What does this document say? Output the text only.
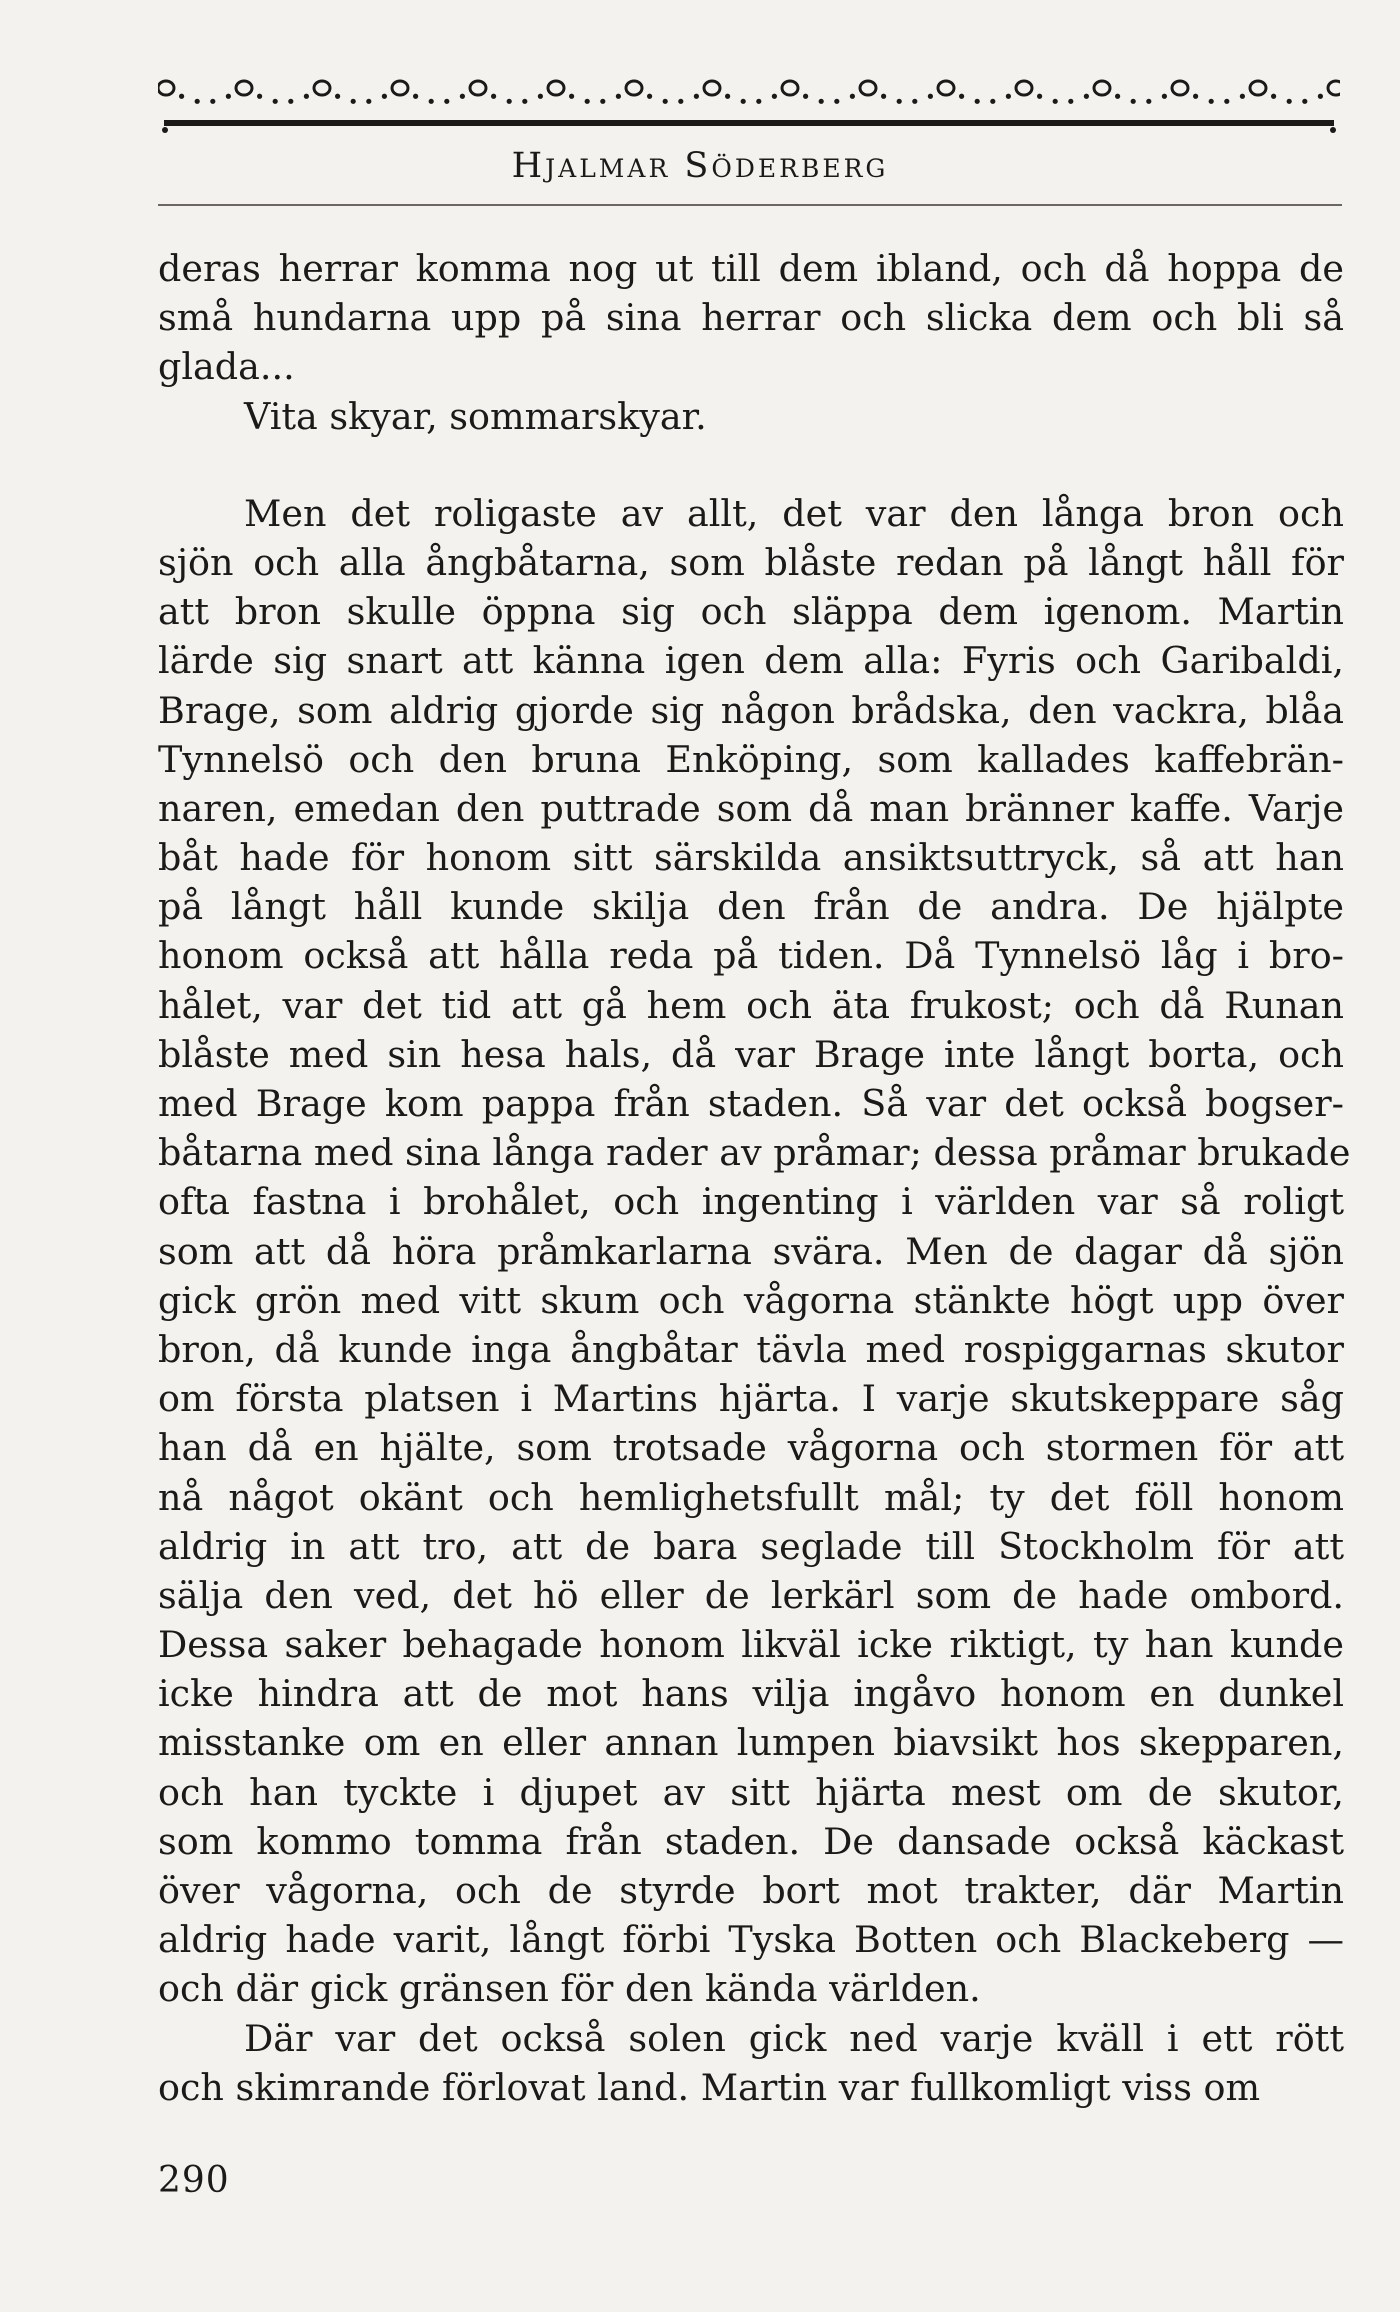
Hjalmar Söderberg

deras herrar komma nog ut till dem ibland, och då hoppa de
små hundarna upp på sina herrar och slicka dem och bli så
glada...

Vita skyar, sommarskyar.

Men det roligaste av allt, det var den långa bron och
sjön och alla ångbåtarna, som blåste redan på långt håll för
att bron skulle öppna sig och släppa dem igenom. Martin
lärde sig snart att känna igen dem alla: Fyris och Garibaldi,
Brage, som aldrig gjorde sig någon brådska, den vackra, blåa
Tynnelsö och den bruna Enköping, som kallades kaffebrän-
naren, emedan den puttrade som då man bränner kaffe. Varje
båt hade för honom sitt särskilda ansiktsuttryck, så att han
på långt håll kunde skilja den från de andra. De hjälpte
honom också att hålla reda på tiden. Då Tynnelsö låg i bro-
hålet, var det tid att gå hem och äta frukost; och då Runan
blåste med sin hesa hals, då var Brage inte långt borta, och
med Brage kom pappa från staden. Så var det också bogser-
båtarna med sina långa rader av pråmar; dessa pråmar brukade
ofta fastna i brohålet, och ingenting i världen var så roligt
som att då höra pråmkarlarna svära. Men de dagar då sjön
gick grön med vitt skum och vågorna stänkte högt upp över
bron, då kunde inga ångbåtar tävla med rospiggarnas skutor
om första platsen i Martins hjärta. I varje skutskeppare såg
han då en hjälte, som trotsade vågorna och stormen för att
nå något okänt och hemlighetsfullt mål; ty det föll honom
aldrig in att tro, att de bara seglade till Stockholm för att
sälja den ved, det hö eller de lerkärl som de hade ombord.
Dessa saker behagade honom likväl icke riktigt, ty han kunde
icke hindra att de mot hans vilja ingåvo honom en dunkel
misstanke om en eller annan lumpen biavsikt hos skepparen,
och han tyckte i djupet av sitt hjärta mest om de skutor,
som kommo tomma från staden. De dansade också käckast
över vågorna, och de styrde bort mot trakter, där Martin
aldrig hade varit, långt förbi Tyska Botten och Blackeberg —
och där gick gränsen för den kända världen.

Där var det också solen gick ned varje kväll i ett rött
och skimrande förlovat land. Martin var fullkomligt viss om

290
